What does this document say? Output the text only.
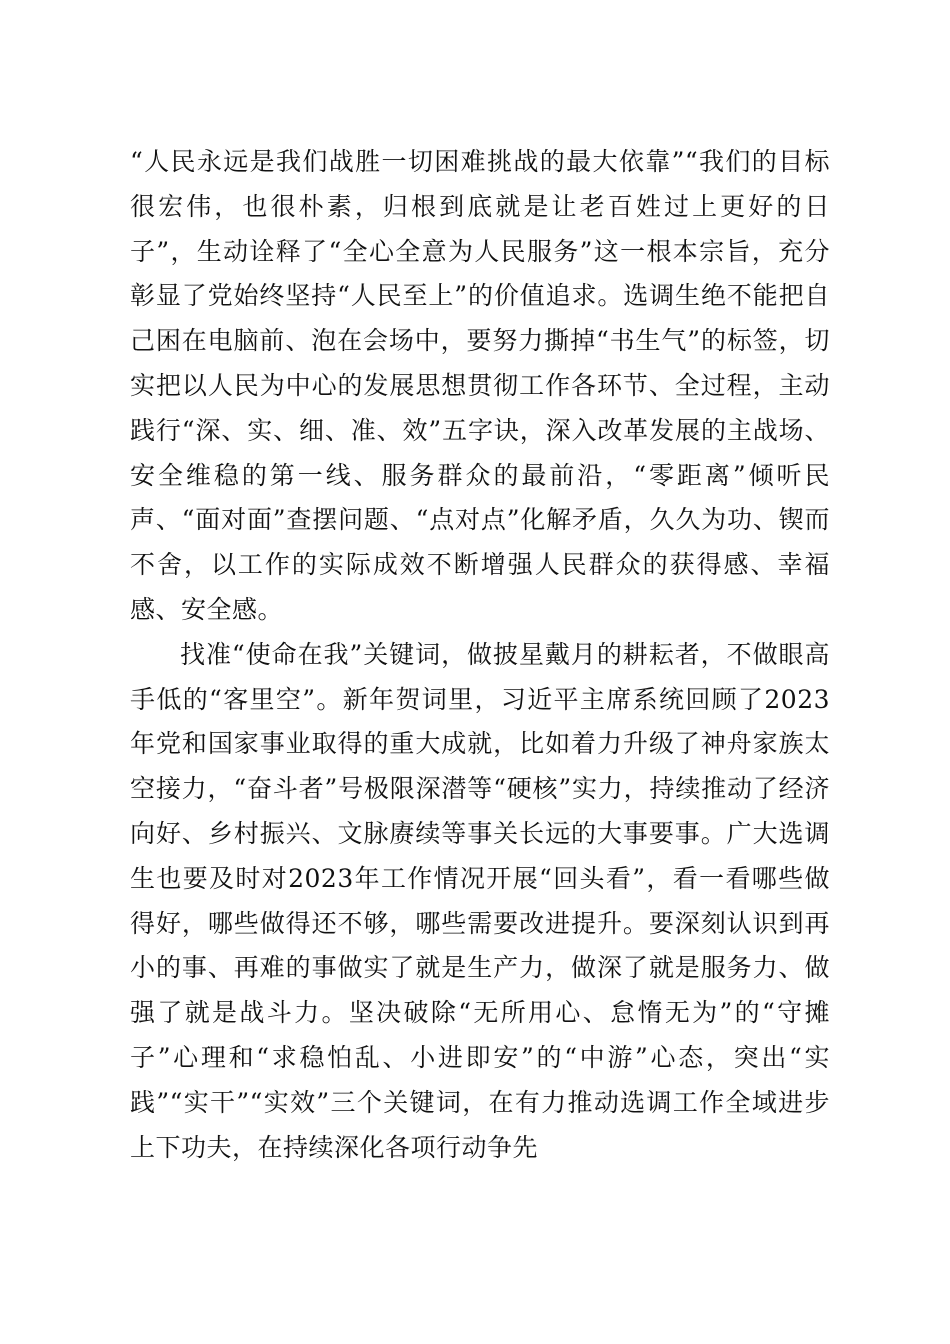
“人民永远是我们战胜一切困难挑战的最大依靠”“我们的目标很宏伟，也很朴素，归根到底就是让老百姓过上更好的日子”，生动诠释了“全心全意为人民服务”这一根本宗旨，充分彰显了党始终坚持“人民至上”的价值追求。选调生绝不能把自己困在电脑前、泡在会场中，要努力撕掉“书生气”的标签，切实把以人民为中心的发展思想贯彻工作各环节、全过程，主动践行“深、实、细、准、效”五字诀，深入改革发展的主战场、安全维稳的第一线、服务群众的最前沿，“零距离”倾听民声、“面对面”查摆问题、“点对点”化解矛盾，久久为功、锲而不舍，以工作的实际成效不断增强人民群众的获得感、幸福感、安全感。

找准“使命在我”关键词，做披星戴月的耕耘者，不做眼高手低的“客里空”。新年贺词里，习近平主席系统回顾了2023年党和国家事业取得的重大成就，比如着力升级了神舟家族太空接力，“奋斗者”号极限深潜等“硬核”实力，持续推动了经济向好、乡村振兴、文脉赓续等事关长远的大事要事。广大选调生也要及时对2023年工作情况开展“回头看”，看一看哪些做得好，哪些做得还不够，哪些需要改进提升。要深刻认识到再小的事、再难的事做实了就是生产力，做深了就是服务力、做强了就是战斗力。坚决破除“无所用心、怠惰无为”的“守摊子”心理和“求稳怕乱、小进即安”的“中游”心态，突出“实践”“实干”“实效”三个关键词，在有力推动选调工作全域进步上下功夫，在持续深化各项行动争先
